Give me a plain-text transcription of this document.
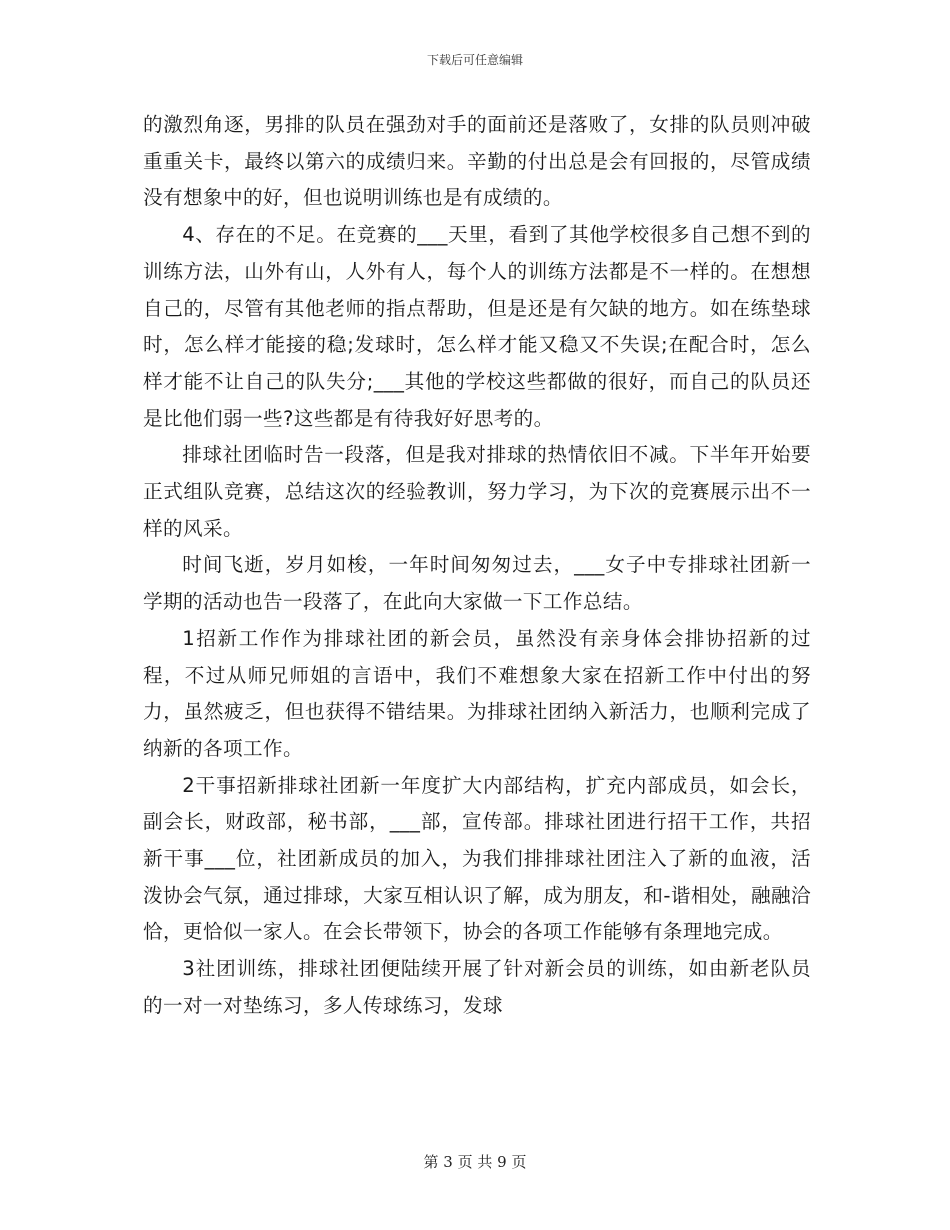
下载后可任意编辑

的激烈角逐，男排的队员在强劲对手的面前还是落败了，女排的队员则冲破重重关卡，最终以第六的成绩归来。辛勤的付出总是会有回报的，尽管成绩没有想象中的好，但也说明训练也是有成绩的。

4、存在的不足。在竞赛的___天里，看到了其他学校很多自己想不到的训练方法，山外有山，人外有人，每个人的训练方法都是不一样的。在想想自己的，尽管有其他老师的指点帮助，但是还是有欠缺的地方。如在练垫球时，怎么样才能接的稳;发球时，怎么样才能又稳又不失误;在配合时，怎么样才能不让自己的队失分;___其他的学校这些都做的很好，而自己的队员还是比他们弱一些?这些都是有待我好好思考的。

排球社团临时告一段落，但是我对排球的热情依旧不减。下半年开始要正式组队竞赛，总结这次的经验教训，努力学习，为下次的竞赛展示出不一样的风采。

时间飞逝，岁月如梭，一年时间匆匆过去，___女子中专排球社团新一学期的活动也告一段落了，在此向大家做一下工作总结。

1招新工作作为排球社团的新会员，虽然没有亲身体会排协招新的过程，不过从师兄师姐的言语中，我们不难想象大家在招新工作中付出的努力，虽然疲乏，但也获得不错结果。为排球社团纳入新活力，也顺利完成了纳新的各项工作。

2干事招新排球社团新一年度扩大内部结构，扩充内部成员，如会长，副会长，财政部，秘书部，___部，宣传部。排球社团进行招干工作，共招新干事___位，社团新成员的加入，为我们排排球社团注入了新的血液，活泼协会气氛，通过排球，大家互相认识了解，成为朋友，和-谐相处，融融洽恰，更恰似一家人。在会长带领下，协会的各项工作能够有条理地完成。

3社团训练，排球社团便陆续开展了针对新会员的训练，如由新老队员的一对一对垫练习，多人传球练习，发球

第 3 页 共 9 页
